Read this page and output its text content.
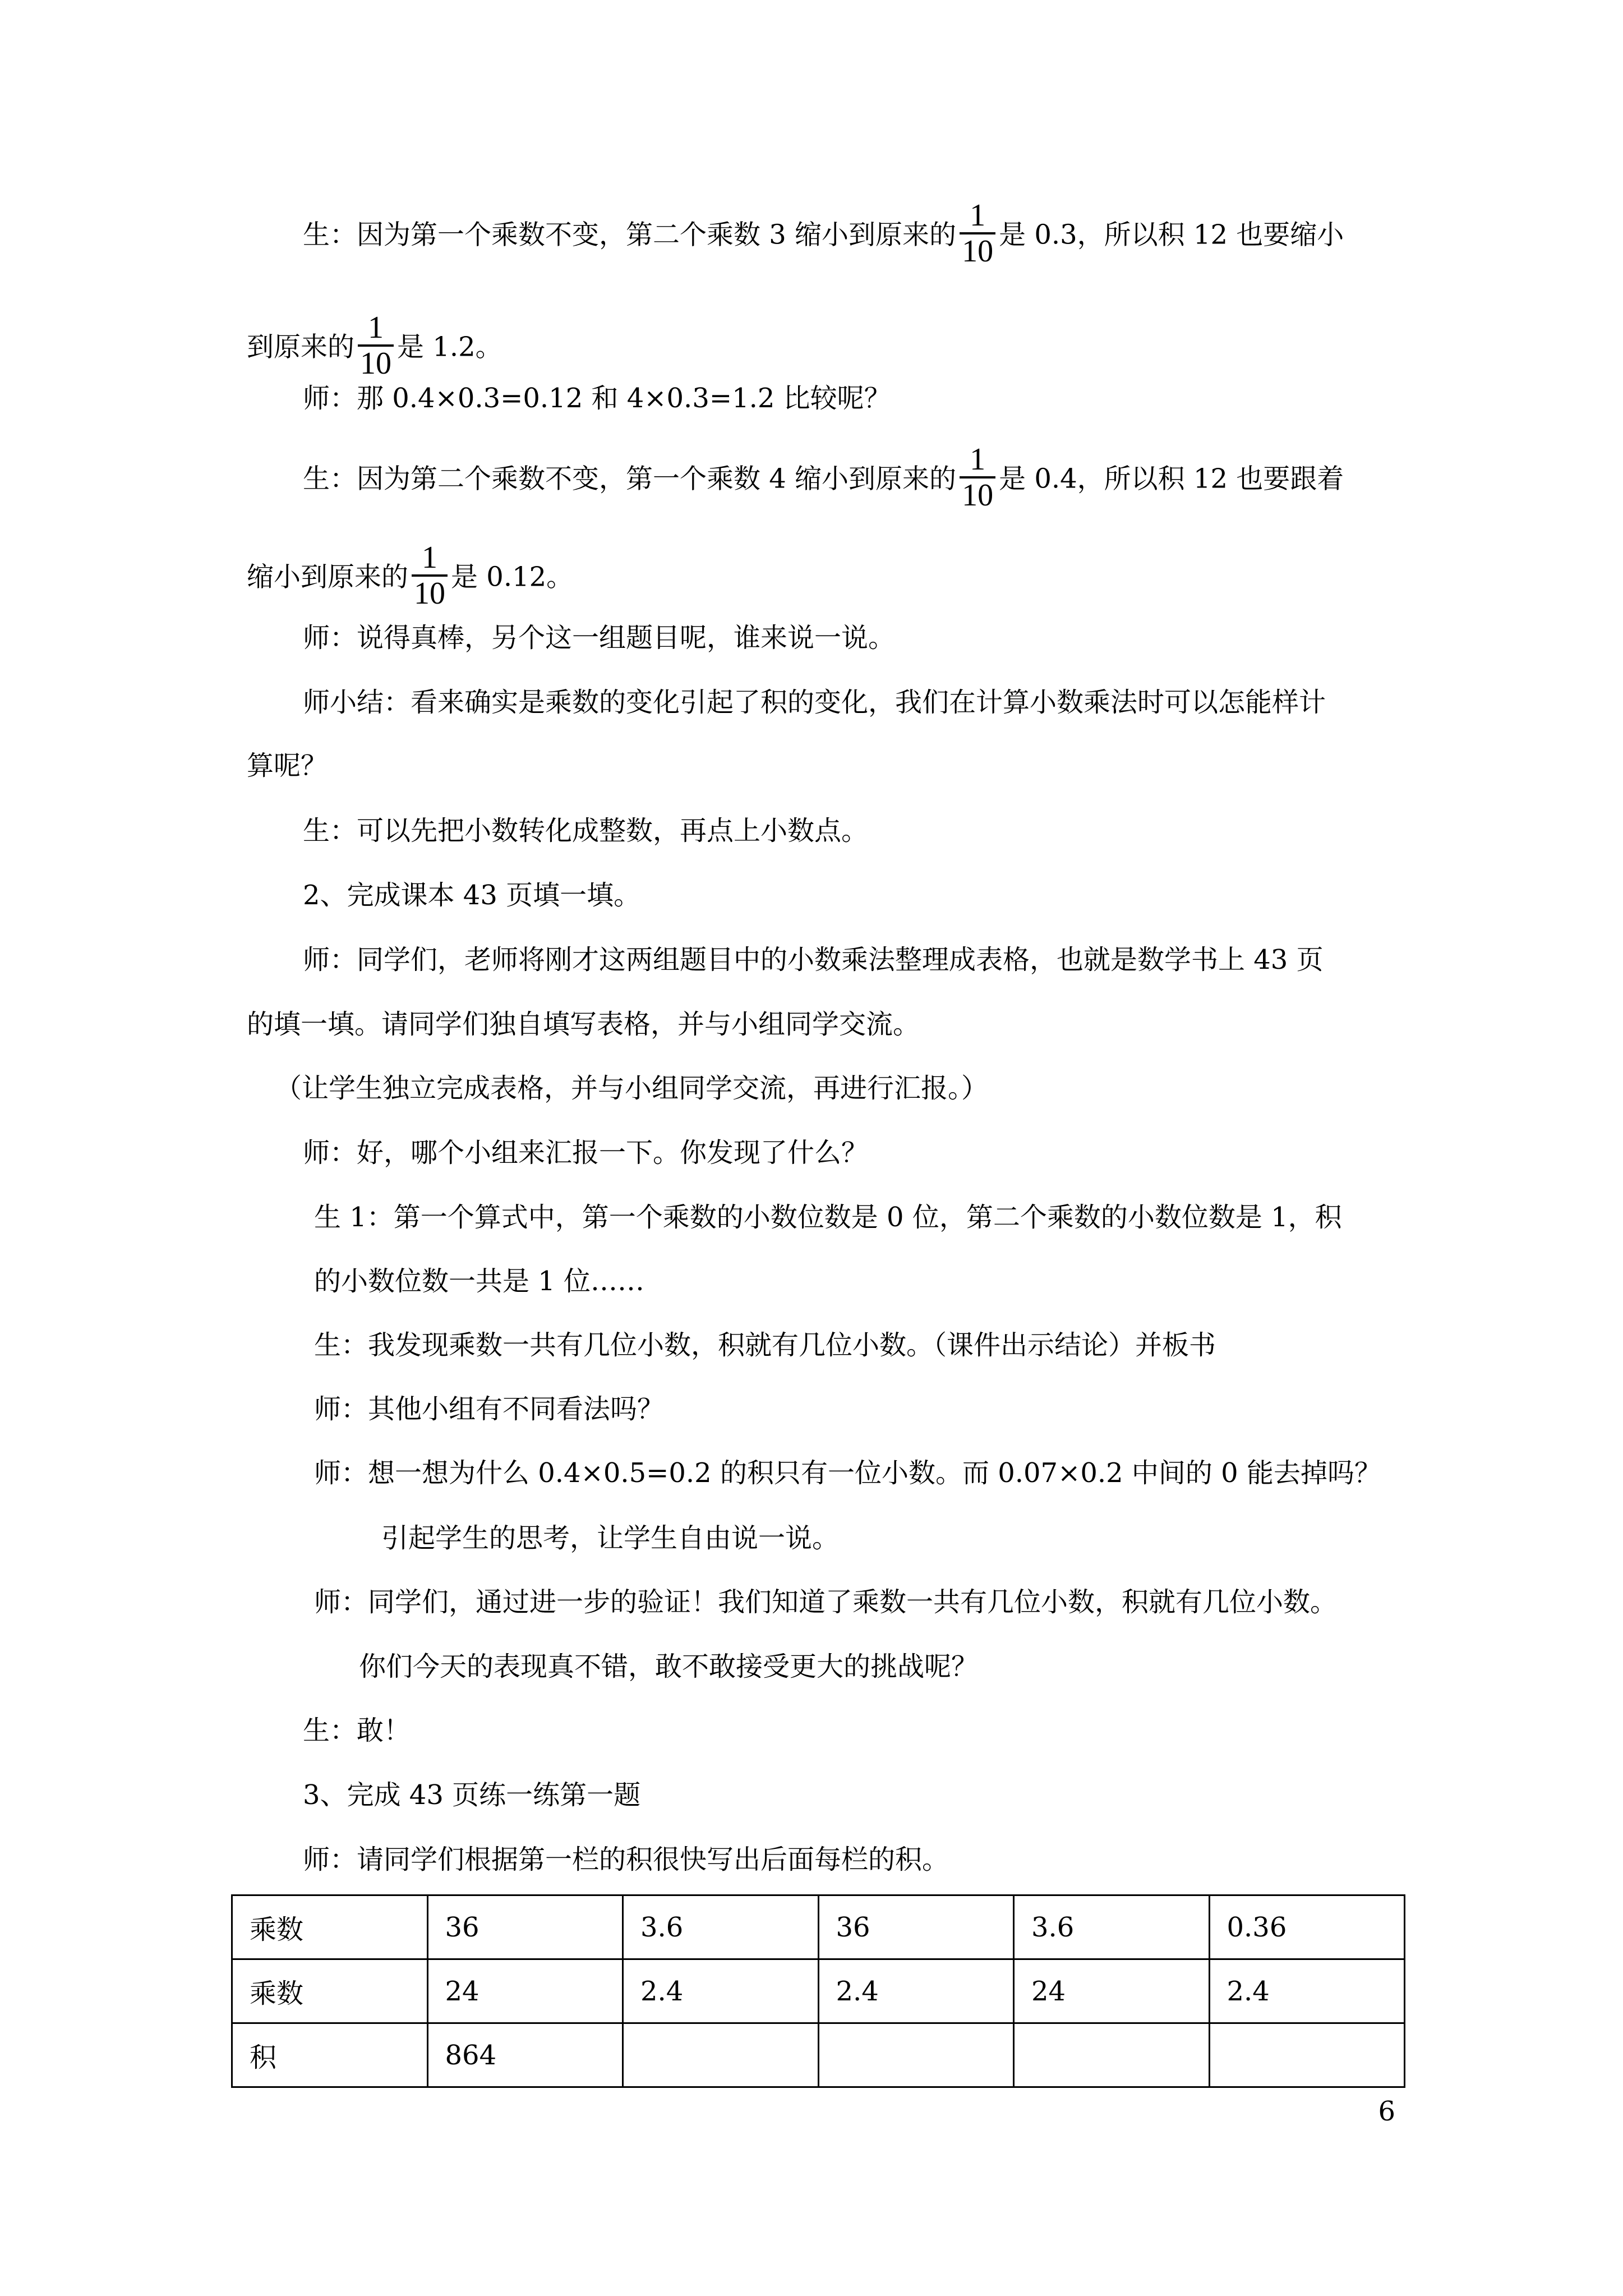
生：因为第一个乘数不变，第二个乘数 3 缩小到原来的 $\frac{1}{10}$ 是 0.3，所以积 12 也要缩小
到原来的 $\frac{1}{10}$ 是 1.2。
师：那 0.4×0.3=0.12 和 4×0.3=1.2 比较呢？
生：因为第二个乘数不变，第一个乘数 4 缩小到原来的 $\frac{1}{10}$ 是 0.4，所以积 12 也要跟着
缩小到原来的 $\frac{1}{10}$ 是 0.12。
师：说得真棒，另个这一组题目呢，谁来说一说。
师小结：看来确实是乘数的变化引起了积的变化，我们在计算小数乘法时可以怎能样计
算呢？
生：可以先把小数转化成整数，再点上小数点。
2、完成课本 43 页填一填。
师：同学们，老师将刚才这两组题目中的小数乘法整理成表格，也就是数学书上 43 页
的填一填。请同学们独自填写表格，并与小组同学交流。
（让学生独立完成表格，并与小组同学交流，再进行汇报。）
师：好，哪个小组来汇报一下。你发现了什么？
生 1：第一个算式中，第一个乘数的小数位数是 0 位，第二个乘数的小数位数是 1，积
的小数位数一共是 1 位……
生：我发现乘数一共有几位小数，积就有几位小数。（课件出示结论）并板书
师：其他小组有不同看法吗？
师：想一想为什么 0.4×0.5=0.2 的积只有一位小数。而 0.07×0.2 中间的 0 能去掉吗？
引起学生的思考，让学生自由说一说。
师：同学们，通过进一步的验证！我们知道了乘数一共有几位小数，积就有几位小数。
你们今天的表现真不错，敢不敢接受更大的挑战呢？
生：敢！
3、完成 43 页练一练第一题
师：请同学们根据第一栏的积很快写出后面每栏的积。
乘数	36	3.6	36	3.6	0.36
乘数	24	2.4	2.4	24	2.4
积	864				
6
